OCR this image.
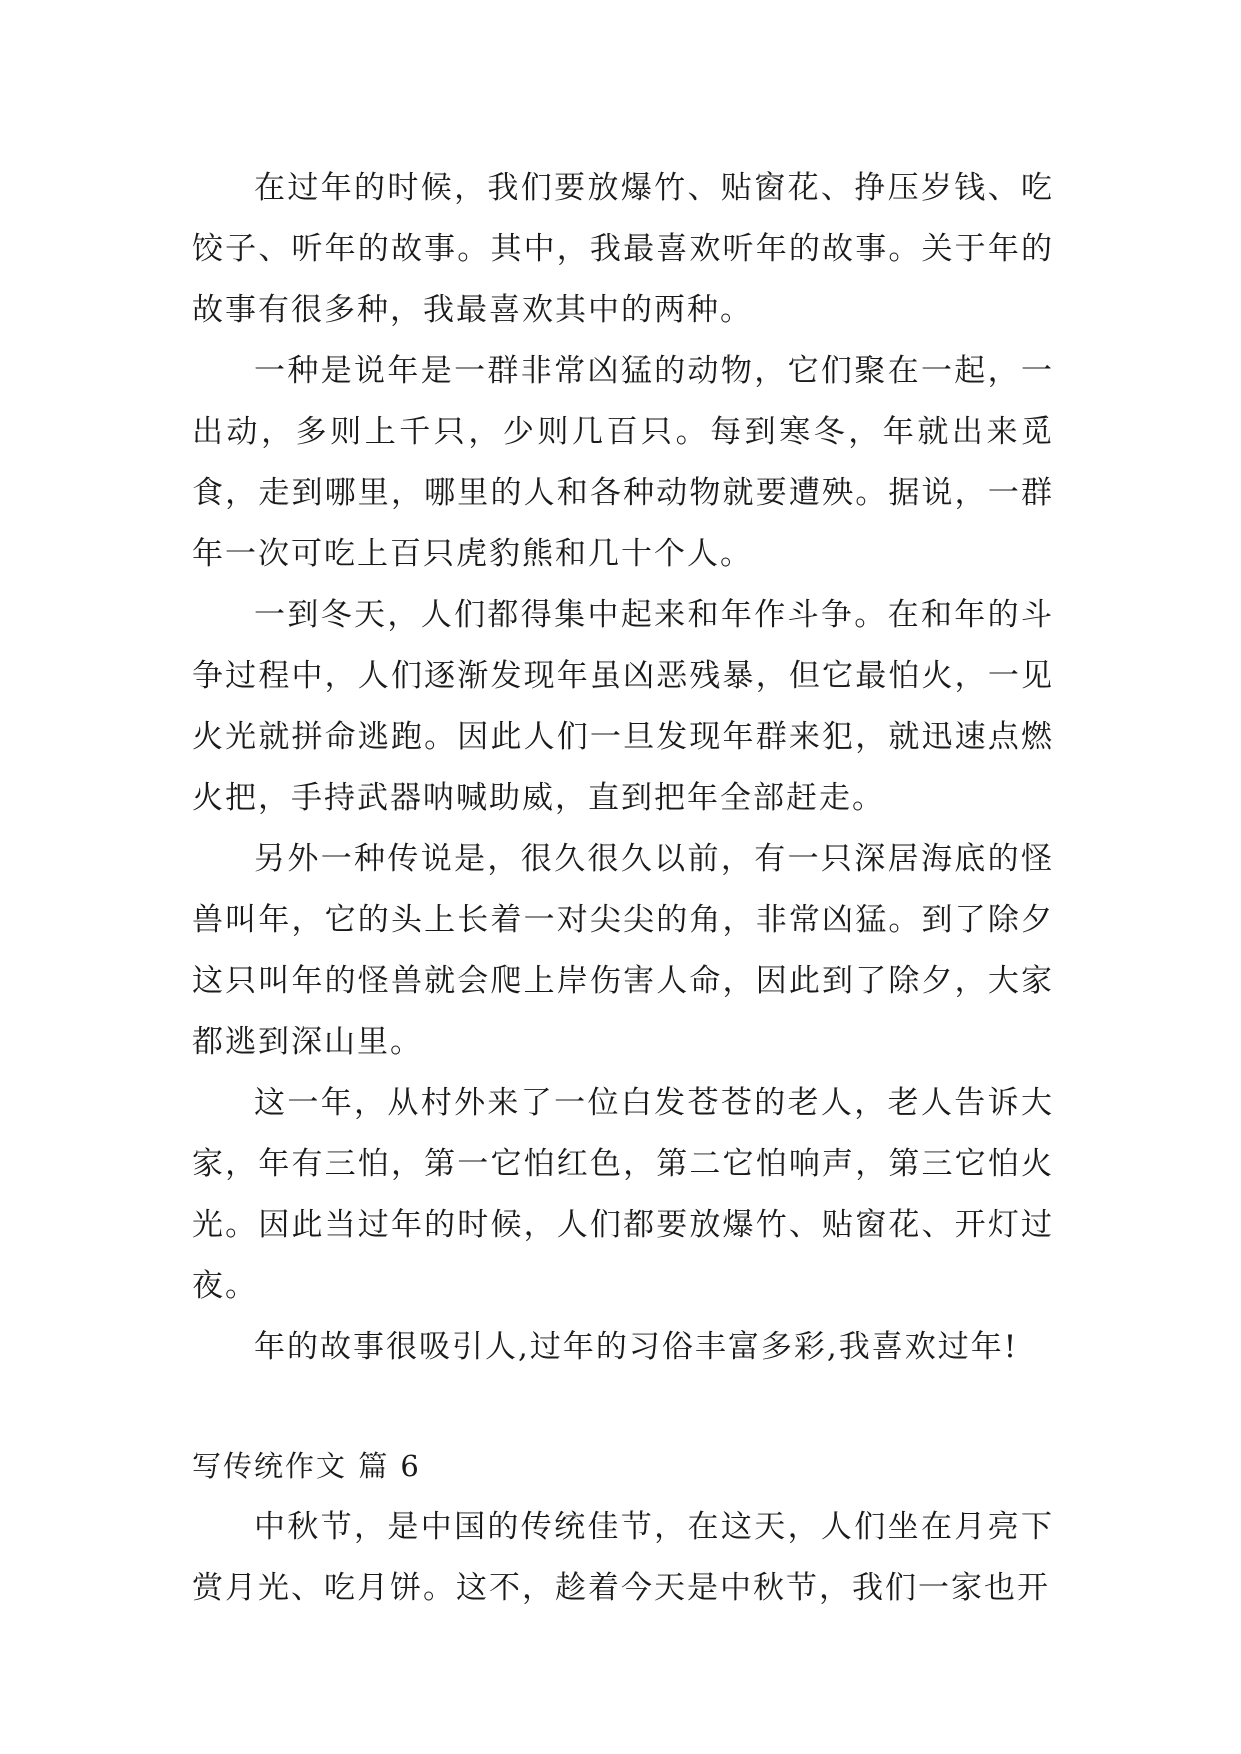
在过年的时候，我们要放爆竹、贴窗花、挣压岁钱、吃饺子、听年的故事。其中，我最喜欢听年的故事。关于年的故事有很多种，我最喜欢其中的两种。

一种是说年是一群非常凶猛的动物，它们聚在一起，一出动，多则上千只，少则几百只。每到寒冬，年就出来觅食，走到哪里，哪里的人和各种动物就要遭殃。据说，一群年一次可吃上百只虎豹熊和几十个人。

一到冬天，人们都得集中起来和年作斗争。在和年的斗争过程中，人们逐渐发现年虽凶恶残暴，但它最怕火，一见火光就拼命逃跑。因此人们一旦发现年群来犯，就迅速点燃火把，手持武器呐喊助威，直到把年全部赶走。

另外一种传说是，很久很久以前，有一只深居海底的怪兽叫年，它的头上长着一对尖尖的角，非常凶猛。到了除夕这只叫年的怪兽就会爬上岸伤害人命，因此到了除夕，大家都逃到深山里。

这一年，从村外来了一位白发苍苍的老人，老人告诉大家，年有三怕，第一它怕红色，第二它怕响声，第三它怕火光。因此当过年的时候，人们都要放爆竹、贴窗花、开灯过夜。

年的故事很吸引人,过年的习俗丰富多彩,我喜欢过年!

写传统作文 篇 6

中秋节，是中国的传统佳节，在这天，人们坐在月亮下赏月光、吃月饼。这不，趁着今天是中秋节，我们一家也开
